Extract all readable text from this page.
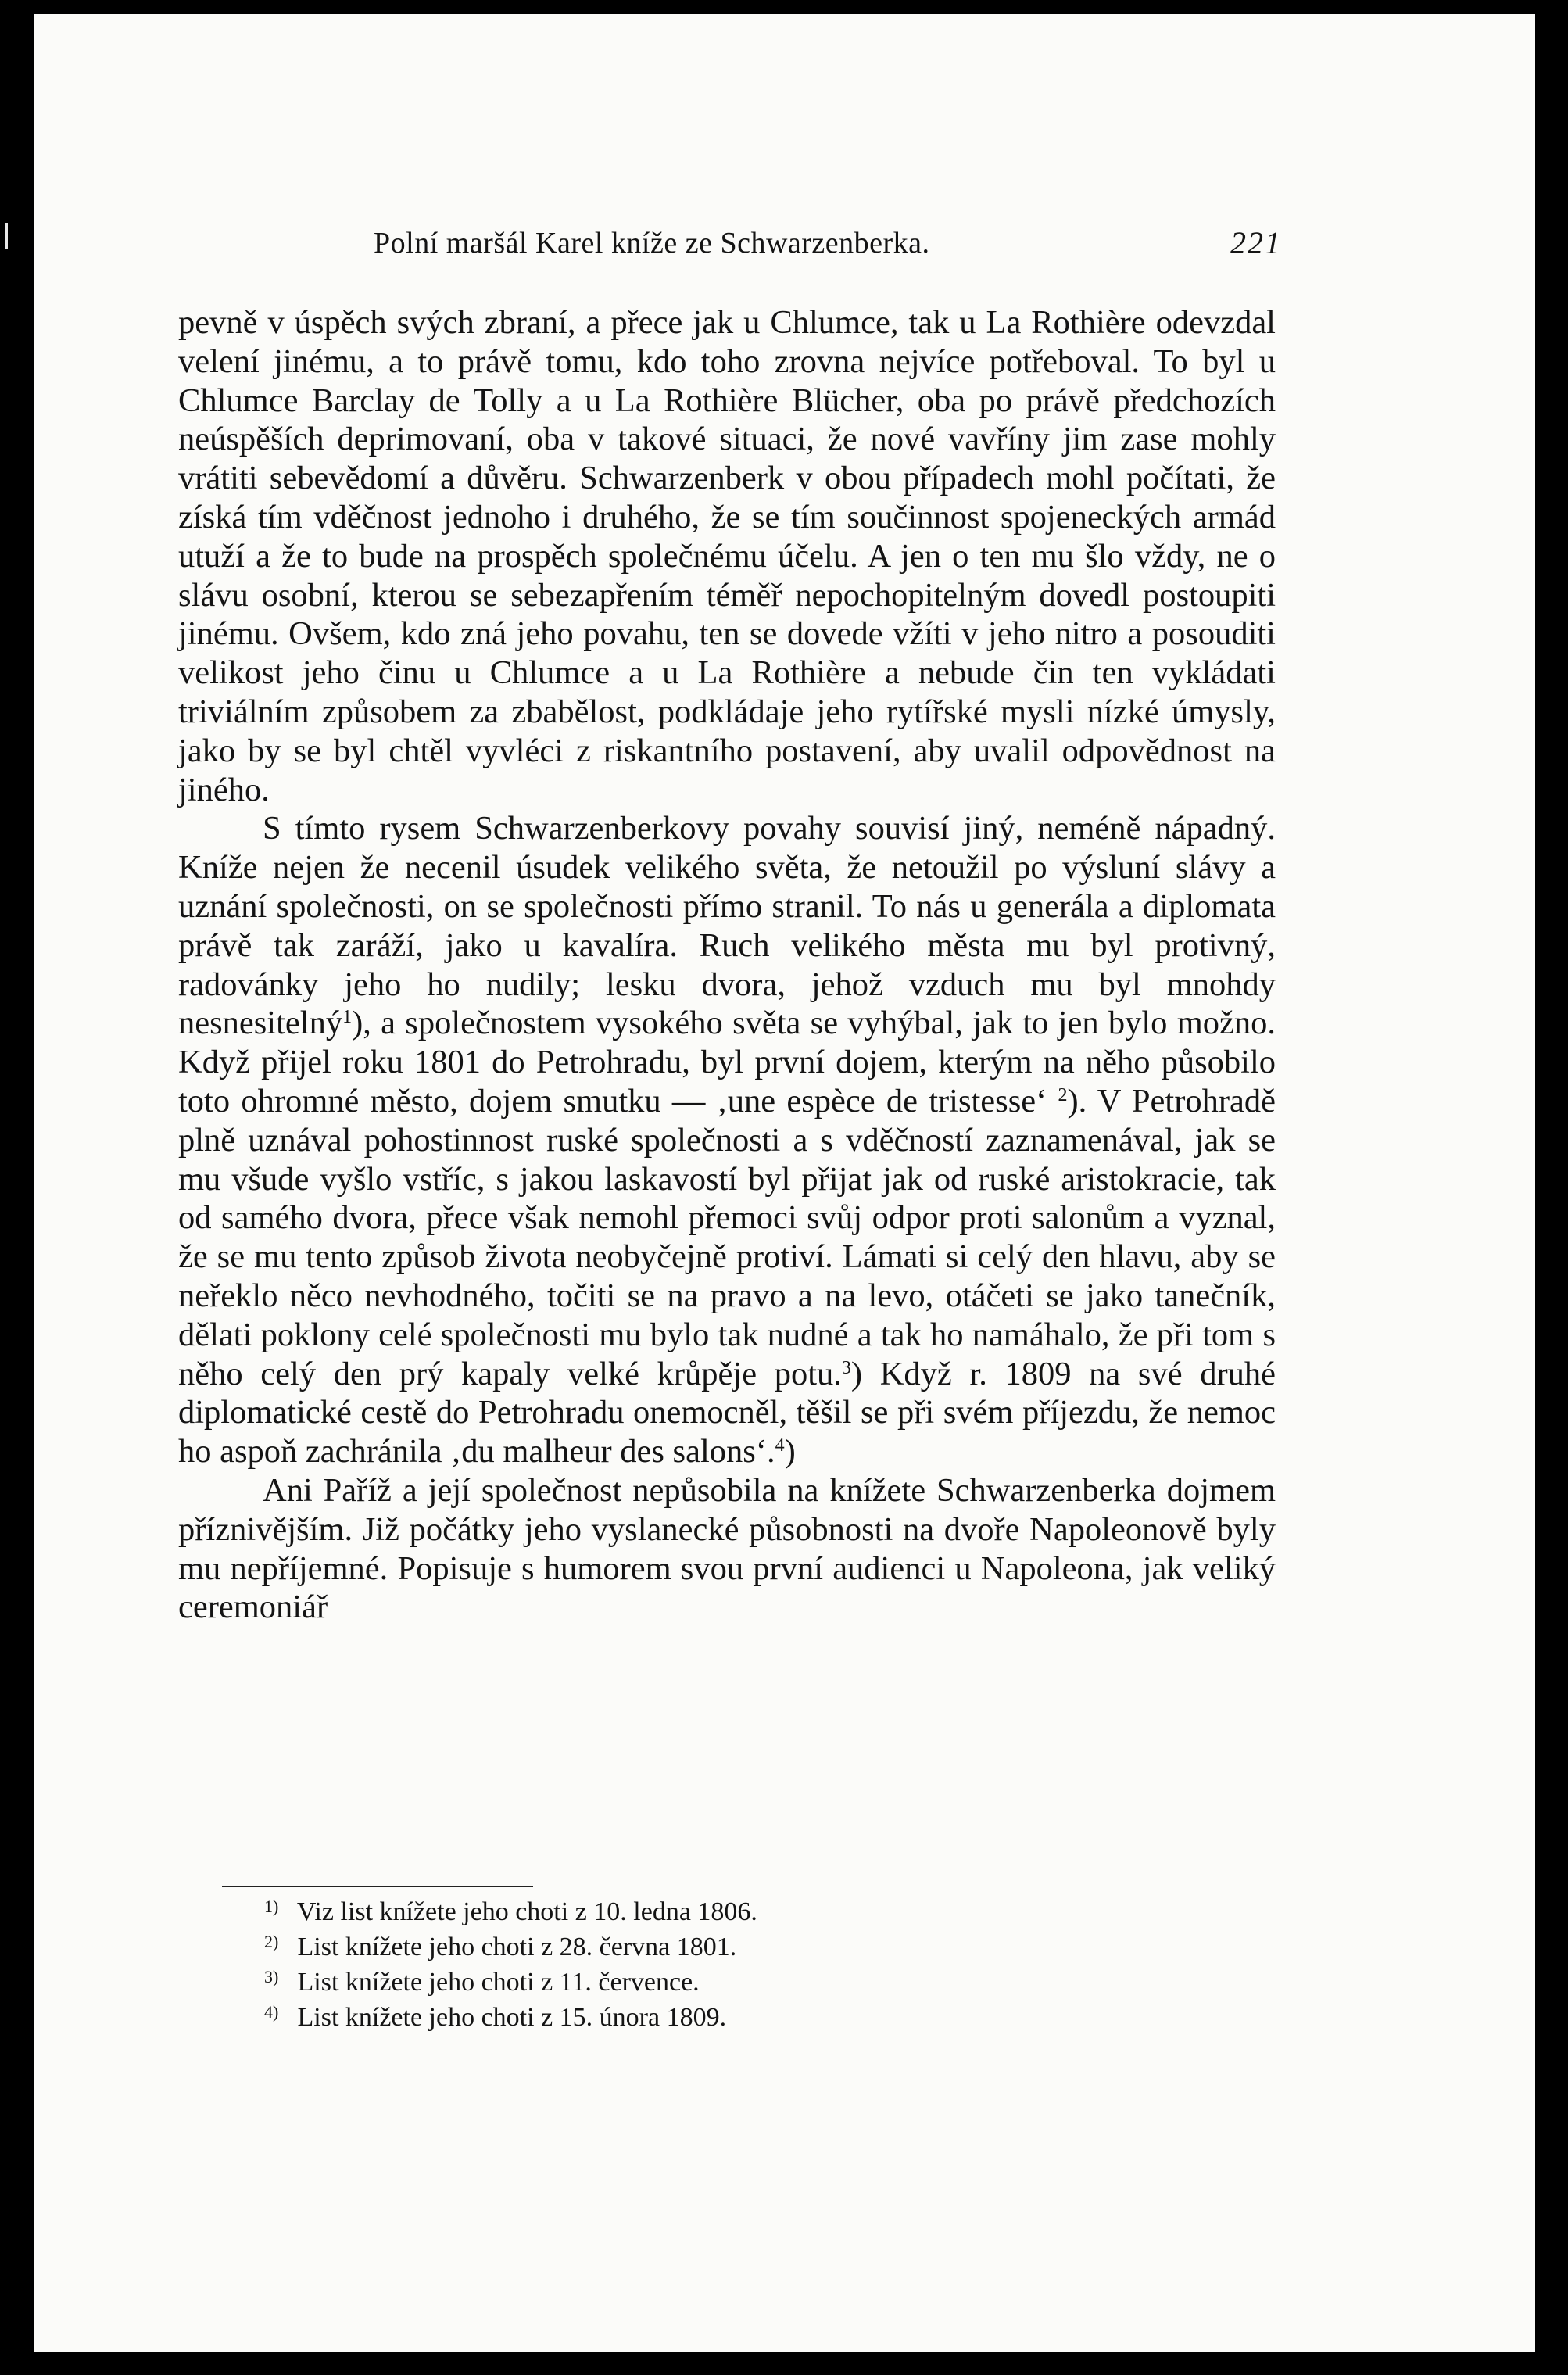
Polní maršál Karel kníže ze Schwarzenberka.	221

pevně v úspěch svých zbraní, a přece jak u Chlumce, tak u La Rothière odevzdal velení jinému, a to právě tomu, kdo toho zrovna nejvíce potřeboval. To byl u Chlumce Barclay de Tolly a u La Rothière Blücher, oba po právě předchozích neúspěších deprimovaní, oba v takové situaci, že nové vavříny jim zase mohly vrátiti sebevědomí a důvěru. Schwarzenberk v obou případech mohl počítati, že získá tím vděčnost jednoho i druhého, že se tím součinnost spojeneckých armád utuží a že to bude na prospěch společnému účelu. A jen o ten mu šlo vždy, ne o slávu osobní, kterou se sebezapřením téměř nepochopitelným dovedl postoupiti jinému. Ovšem, kdo zná jeho povahu, ten se dovede vžíti v jeho nitro a posouditi velikost jeho činu u Chlumce a u La Rothière a nebude čin ten vykládati triviálním způsobem za zbabělost, podkládaje jeho rytířské mysli nízké úmysly, jako by se byl chtěl vyvléci z riskantního postavení, aby uvalil odpovědnost na jiného.

S tímto rysem Schwarzenberkovy povahy souvisí jiný, neméně nápadný. Kníže nejen že necenil úsudek velikého světa, že netoužil po výsluní slávy a uznání společnosti, on se společnosti přímo stranil. To nás u generála a diplomata právě tak zaráží, jako u kavalíra. Ruch velikého města mu byl protivný, radovánky jeho ho nudily; lesku dvora, jehož vzduch mu byl mnohdy nesnesitelný$^1$), a společnostem vysokého světa se vyhýbal, jak to jen bylo možno. Když přijel roku 1801 do Petrohradu, byl první dojem, kterým na něho působilo toto ohromné město, dojem smutku — ‚une espèce de tristesse‘ $^2$). V Petrohradě plně uznával pohostinnost ruské společnosti a s vděčností zaznamenával, jak se mu všude vyšlo vstříc, s jakou laskavostí byl přijat jak od ruské aristokracie, tak od samého dvora, přece však nemohl přemoci svůj odpor proti salonům a vyznal, že se mu tento způsob života neobyčejně protiví. Lámati si celý den hlavu, aby se neřeklo něco nevhodného, točiti se na pravo a na levo, otáčeti se jako tanečník, dělati poklony celé společnosti mu bylo tak nudné a tak ho namáhalo, že při tom s něho celý den prý kapaly velké krůpěje potu.$^3$) Když r. 1809 na své druhé diplomatické cestě do Petrohradu onemocněl, těšil se při svém příjezdu, že nemoc ho aspoň zachránila ‚du malheur des salons‘.$^4$)

Ani Paříž a její společnost nepůsobila na knížete Schwarzenberka dojmem příznivějším. Již počátky jeho vyslanecké působnosti na dvoře Napoleonově byly mu nepříjemné. Popisuje s humorem svou první audienci u Napoleona, jak veliký ceremoniář

1) Viz list knížete jeho choti z 10. ledna 1806.
2) List knížete jeho choti z 28. června 1801.
3) List knížete jeho choti z 11. července.
4) List knížete jeho choti z 15. února 1809.
